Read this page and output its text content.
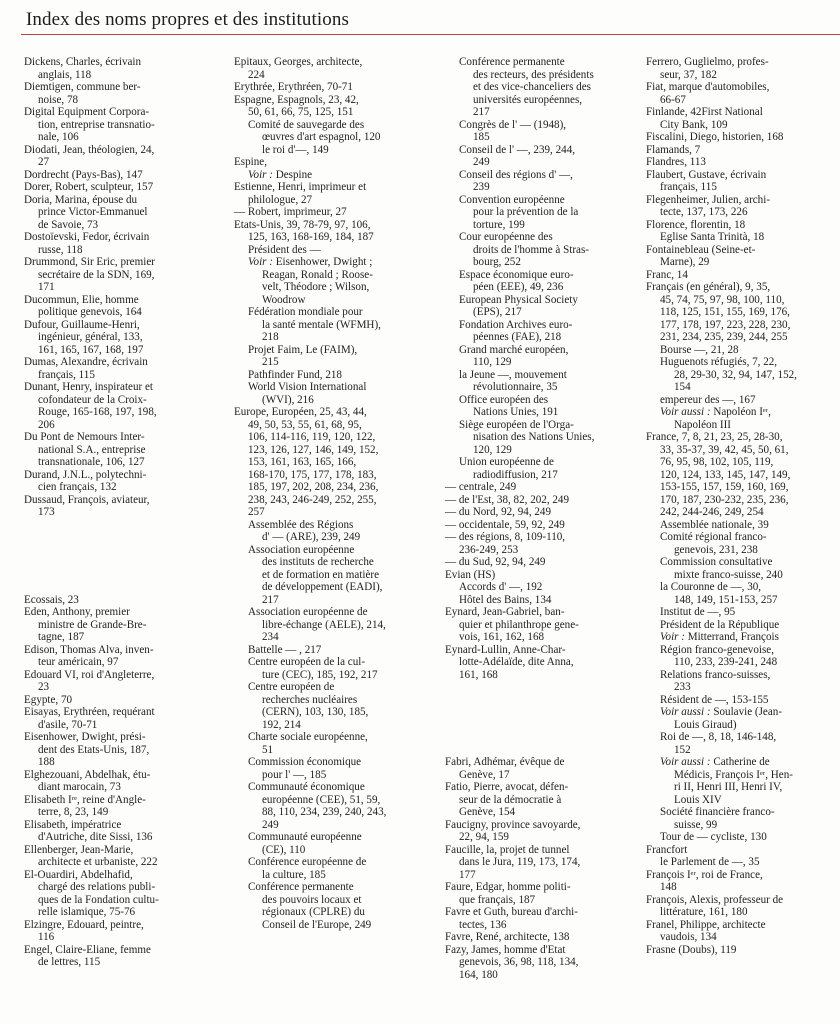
Index des noms propres et des institutions
Dickens, Charles, écrivain
anglais, 118
Diemtigen, commune ber-
noise, 78
Digital Equipment Corpora-
tion, entreprise transnatio-
nale, 106
Diodati, Jean, théologien, 24,
27
Dordrecht (Pays-Bas), 147
Dorer, Robert, sculpteur, 157
Doria, Marina, épouse du
prince Victor-Emmanuel
de Savoie, 73
Dostoïevski, Fedor, écrivain
russe, 118
Drummond, Sir Eric, premier
secrétaire de la SDN, 169,
171
Ducommun, Elie, homme
politique genevois, 164
Dufour, Guillaume-Henri,
ingénieur, général, 133,
161, 165, 167, 168, 197
Dumas, Alexandre, écrivain
français, 115
Dunant, Henry, inspirateur et
cofondateur de la Croix-
Rouge, 165-168, 197, 198,
206
Du Pont de Nemours Inter-
national S.A., entreprise
transnationale, 106, 127
Durand, J.N.L., polytechni-
cien français, 132
Dussaud, François, aviateur,
173
Ecossais, 23
Eden, Anthony, premier
ministre de Grande-Bre-
tagne, 187
Edison, Thomas Alva, inven-
teur américain, 97
Edouard VI, roi d'Angleterre,
23
Egypte, 70
Eisayas, Erythréen, requérant
d'asile, 70-71
Eisenhower, Dwight, prési-
dent des Etats-Unis, 187,
188
Elghezouani, Abdelhak, étu-
diant marocain, 73
Elisabeth Iʳᵉ, reine d'Angle-
terre, 8, 23, 149
Elisabeth, impératrice
d'Autriche, dite Sissi, 136
Ellenberger, Jean-Marie,
architecte et urbaniste, 222
El-Ouardiri, Abdelhafid,
chargé des relations publi-
ques de la Fondation cultu-
relle islamique, 75-76
Elzingre, Edouard, peintre,
116
Engel, Claire-Eliane, femme
de lettres, 115
Epitaux, Georges, architecte,
224
Erythrée, Erythréen, 70-71
Espagne, Espagnols, 23, 42,
50, 61, 66, 75, 125, 151
Comité de sauvegarde des
œuvres d'art espagnol, 120
le roi d'—, 149
Espine,
Voir : Despine
Estienne, Henri, imprimeur et
philologue, 27
— Robert, imprimeur, 27
Etats-Unis, 39, 78-79, 97, 106,
125, 163, 168-169, 184, 187
Président des —
Voir : Eisenhower, Dwight ;
Reagan, Ronald ; Roose-
velt, Théodore ; Wilson,
Woodrow
Fédération mondiale pour
la santé mentale (WFMH),
218
Projet Faim, Le (FAIM),
215
Pathfinder Fund, 218
World Vision International
(WVI), 216
Europe, Européen, 25, 43, 44,
49, 50, 53, 55, 61, 68, 95,
106, 114-116, 119, 120, 122,
123, 126, 127, 146, 149, 152,
153, 161, 163, 165, 166,
168-170, 175, 177, 178, 183,
185, 197, 202, 208, 234, 236,
238, 243, 246-249, 252, 255,
257
Assemblée des Régions
d' — (ARE), 239, 249
Association européenne
des instituts de recherche
et de formation en matière
de développement (EADI),
217
Association européenne de
libre-échange (AELE), 214,
234
Battelle — , 217
Centre européen de la cul-
ture (CEC), 185, 192, 217
Centre européen de
recherches nucléaires
(CERN), 103, 130, 185,
192, 214
Charte sociale européenne,
51
Commission économique
pour l' —, 185
Communauté économique
européenne (CEE), 51, 59,
88, 110, 234, 239, 240, 243,
249
Communauté européenne
(CE), 110
Conférence européenne de
la culture, 185
Conférence permanente
des pouvoirs locaux et
régionaux (CPLRE) du
Conseil de l'Europe, 249
Conférence permanente
des recteurs, des présidents
et des vice-chanceliers des
universités européennes,
217
Congrès de l' — (1948),
185
Conseil de l' —, 239, 244,
249
Conseil des régions d' —,
239
Convention européenne
pour la prévention de la
torture, 199
Cour européenne des
droits de l'homme à Stras-
bourg, 252
Espace économique euro-
péen (EEE), 49, 236
European Physical Society
(EPS), 217
Fondation Archives euro-
péennes (FAE), 218
Grand marché européen,
110, 129
la Jeune —, mouvement
révolutionnaire, 35
Office européen des
Nations Unies, 191
Siège européen de l'Orga-
nisation des Nations Unies,
120, 129
Union européenne de
radiodiffusion, 217
— centrale, 249
— de l'Est, 38, 82, 202, 249
— du Nord, 92, 94, 249
— occidentale, 59, 92, 249
— des régions, 8, 109-110,
236-249, 253
— du Sud, 92, 94, 249
Evian (HS)
Accords d' —, 192
Hôtel des Bains, 134
Eynard, Jean-Gabriel, ban-
quier et philanthrope gene-
vois, 161, 162, 168
Eynard-Lullin, Anne-Char-
lotte-Adélaïde, dite Anna,
161, 168
Fabri, Adhémar, évêque de
Genève, 17
Fatio, Pierre, avocat, défen-
seur de la démocratie à
Genève, 154
Faucigny, province savoyarde,
22, 94, 159
Faucille, la, projet de tunnel
dans le Jura, 119, 173, 174,
177
Faure, Edgar, homme politi-
que français, 187
Favre et Guth, bureau d'archi-
tectes, 136
Favre, René, architecte, 138
Fazy, James, homme d'Etat
genevois, 36, 98, 118, 134,
164, 180
Ferrero, Guglielmo, profes-
seur, 37, 182
Fiat, marque d'automobiles,
66-67
Finlande, 42First National
City Bank, 109
Fiscalini, Diego, historien, 168
Flamands, 7
Flandres, 113
Flaubert, Gustave, écrivain
français, 115
Flegenheimer, Julien, archi-
tecte, 137, 173, 226
Florence, florentin, 18
Eglise Santa Trinità, 18
Fontainebleau (Seine-et-
Marne), 29
Franc, 14
Français (en général), 9, 35,
45, 74, 75, 97, 98, 100, 110,
118, 125, 151, 155, 169, 176,
177, 178, 197, 223, 228, 230,
231, 234, 235, 239, 244, 255
Bourse —, 21, 28
Huguenots réfugiés, 7, 22,
28, 29-30, 32, 94, 147, 152,
154
empereur des —, 167
Voir aussi : Napoléon Iᵉʳ,
Napoléon III
France, 7, 8, 21, 23, 25, 28-30,
33, 35-37, 39, 42, 45, 50, 61,
76, 95, 98, 102, 105, 119,
120, 124, 133, 145, 147, 149,
153-155, 157, 159, 160, 169,
170, 187, 230-232, 235, 236,
242, 244-246, 249, 254
Assemblée nationale, 39
Comité régional franco-
genevois, 231, 238
Commission consultative
mixte franco-suisse, 240
la Couronne de —, 30,
148, 149, 151-153, 257
Institut de —, 95
Président de la République
Voir : Mitterrand, François
Région franco-genevoise,
110, 233, 239-241, 248
Relations franco-suisses,
233
Résident de —, 153-155
Voir aussi : Soulavie (Jean-
Louis Giraud)
Roi de —, 8, 18, 146-148,
152
Voir aussi : Catherine de
Médicis, François Iᵉʳ, Hen-
ri II, Henri III, Henri IV,
Louis XIV
Société financière franco-
suisse, 99
Tour de — cycliste, 130
Francfort
le Parlement de —, 35
François Iᵉʳ, roi de France,
148
François, Alexis, professeur de
littérature, 161, 180
Franel, Philippe, architecte
vaudois, 134
Frasne (Doubs), 119
